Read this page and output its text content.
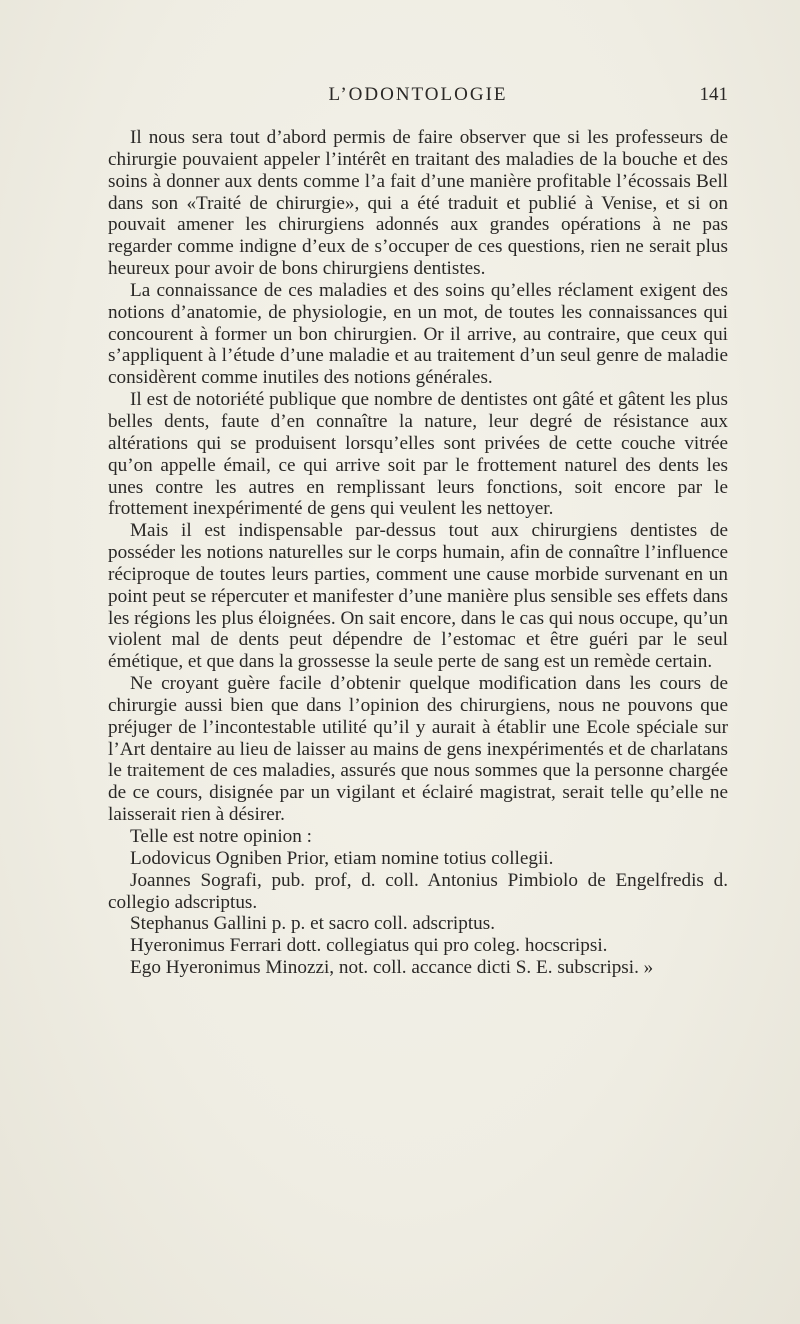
L’ODONTOLOGIE	141

Il nous sera tout d’abord permis de faire observer que si les professeurs de chirurgie pouvaient appeler l’intérêt en traitant des maladies de la bouche et des soins à donner aux dents comme l’a fait d’une manière profitable l’écossais Bell dans son «Traité de chirurgie», qui a été traduit et publié à Venise, et si on pouvait amener les chirurgiens adonnés aux grandes opérations à ne pas regarder comme indigne d’eux de s’occuper de ces questions, rien ne serait plus heureux pour avoir de bons chirurgiens dentistes.

La connaissance de ces maladies et des soins qu’elles réclament exigent des notions d’anatomie, de physiologie, en un mot, de toutes les connaissances qui concourent à former un bon chirurgien. Or il arrive, au contraire, que ceux qui s’appliquent à l’étude d’une maladie et au traitement d’un seul genre de maladie considèrent comme inutiles des notions générales.

Il est de notoriété publique que nombre de dentistes ont gâté et gâtent les plus belles dents, faute d’en connaître la nature, leur degré de résistance aux altérations qui se produisent lorsqu’elles sont privées de cette couche vitrée qu’on appelle émail, ce qui arrive soit par le frottement naturel des dents les unes contre les autres en remplissant leurs fonctions, soit encore par le frottement inexpérimenté de gens qui veulent les nettoyer.

Mais il est indispensable par-dessus tout aux chirurgiens dentistes de posséder les notions naturelles sur le corps humain, afin de connaître l’influence réciproque de toutes leurs parties, comment une cause morbide survenant en un point peut se répercuter et manifester d’une manière plus sensible ses effets dans les régions les plus éloignées. On sait encore, dans le cas qui nous occupe, qu’un violent mal de dents peut dépendre de l’estomac et être guéri par le seul émétique, et que dans la grossesse la seule perte de sang est un remède certain.

Ne croyant guère facile d’obtenir quelque modification dans les cours de chirurgie aussi bien que dans l’opinion des chirurgiens, nous ne pouvons que préjuger de l’incontestable utilité qu’il y aurait à établir une Ecole spéciale sur l’Art dentaire au lieu de laisser au mains de gens inexpérimentés et de charlatans le traitement de ces maladies, assurés que nous sommes que la personne chargée de ce cours, disignée par un vigilant et éclairé magistrat, serait telle qu’elle ne laisserait rien à désirer.

Telle est notre opinion :

Lodovicus Ogniben Prior, etiam nomine totius collegii.

Joannes Sografi, pub. prof, d. coll. Antonius Pimbiolo de Engelfredis d. collegio adscriptus.

Stephanus Gallini p. p. et sacro coll. adscriptus.

Hyeronimus Ferrari dott. collegiatus qui pro coleg. hocscripsi.

Ego Hyeronimus Minozzi, not. coll. accance dicti S. E. subscripsi. »
